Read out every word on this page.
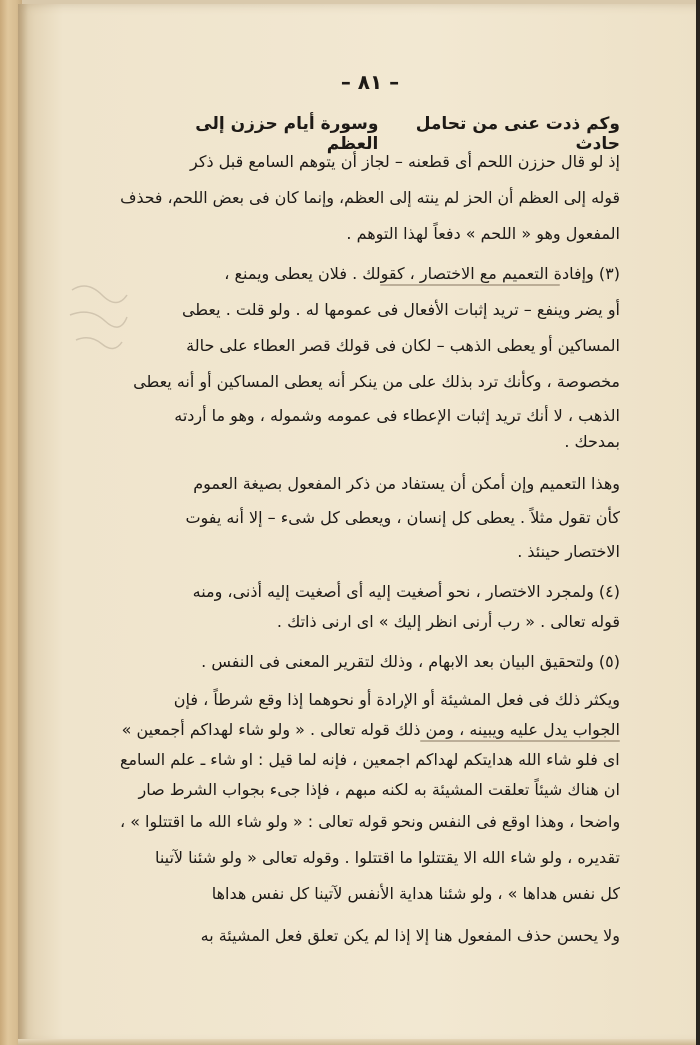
– ٨١ –
وكم ذدت عنى من تحامل حادث
وسورة أيام حززن إلى العظم
إذ لو قال حززن اللحم أى قطعنه – لجاز أن يتوهم السامع قبل ذكر
قوله إلى العظم أن الحز لم ينته إلى العظم، وإنما كان فى بعض اللحم، فحذف
المفعول وهو « اللحم » دفعاً لهذا التوهم .
(٣) وإفادة التعميم مع الاختصار ، كقولك . فلان يعطى ويمنع ،
أو يضر وينفع – تريد إثبات الأفعال فى عمومها له . ولو قلت . يعطى
المساكين أو يعطى الذهب – لكان فى قولك قصر العطاء على حالة
مخصوصة ، وكأنك ترد بذلك على من ينكر أنه يعطى المساكين أو أنه يعطى
الذهب ، لا أنك تريد إثبات الإعطاء فى عمومه وشموله ، وهو ما أردته
بمدحك .
وهذا التعميم وإن أمكن أن يستفاد من ذكر المفعول بصيغة العموم
كأن تقول مثلاً . يعطى كل إنسان ، ويعطى كل شىء – إلا أنه يفوت
الاختصار حينئذ .
(٤) ولمجرد الاختصار ، نحو أصغيت إليه أى أصغيت إليه أذنى، ومنه
قوله تعالى . « رب أرنى انظر إليك » اى ارنى ذاتك .
(٥) ولتحقيق البيان بعد الابهام ، وذلك لتقرير المعنى فى النفس .
ويكثر ذلك فى فعل المشيئة أو الإرادة أو نحوهما إذا وقع شرطاً ، فإن
الجواب يدل عليه ويبينه ، ومن ذلك قوله تعالى . « ولو شاء لهداكم أجمعين »
اى فلو شاء الله هدايتكم لهداكم اجمعين ، فإنه لما قيل : او شاء ـ علم السامع
ان هناك شيئاً تعلقت المشيئة به لكنه مبهم ، فإذا جىء بجواب الشرط صار
واضحا ، وهذا اوقع فى النفس ونحو قوله تعالى : « ولو شاء الله ما اقتتلوا » ،
تقديره ، ولو شاء الله الا يقتتلوا ما اقتتلوا . وقوله تعالى « ولو شئنا لآتينا
كل نفس هداها » ، ولو شئنا هداية الأنفس لآتينا كل نفس هداها
ولا يحسن حذف المفعول هنا إلا إذا لم يكن تعلق فعل المشيئة به
